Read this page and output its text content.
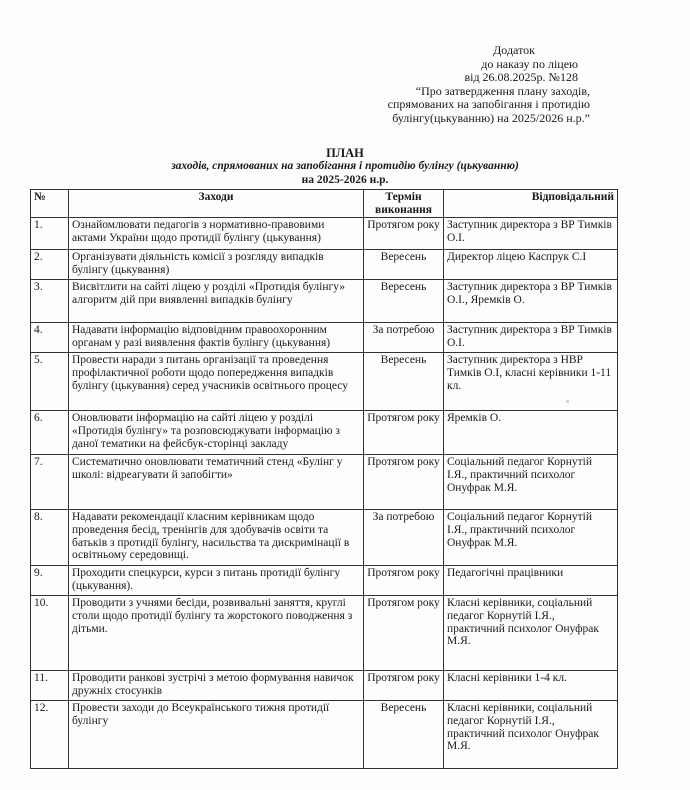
Додаток
до наказу по ліцею
від 26.08.2025р. №128
“Про затвердження плану заходів,
спрямованих на запобігання і протидію
булінгу(цькуванню) на 2025/2026 н.р.”
ПЛАН
заходів, спрямованих на запобігання і протидію булінгу (цькуванню)
на 2025-2026 н.р.
№	Заходи	Термін виконання	Відповідальний
1.	Ознайомлювати педагогів з нормативно-правовими актами України щодо протидії булінгу (цькування)	Протягом року	Заступник директора з ВР Тимків О.І.
2.	Організувати діяльність комісії з розгляду випадків булінгу (цькування)	Вересень	Директор ліцею Каспрук С.І
3.	Висвітлити на сайті ліцею у розділі «Протидія булінгу» алгоритм дій при виявленні випадків булінгу	Вересень	Заступник директора з ВР Тимків О.І., Яремків О.
4.	Надавати інформацію відповідним правоохоронним органам у разі виявлення фактів булінгу (цькування)	За потребою	Заступник директора з ВР Тимків О.І.
5.	Провести наради з питань організації та проведення профілактичної роботи щодо попередження випадків булінгу (цькування) серед учасників освітнього процесу	Вересень	Заступник директора з НВР Тимків О.І, класні керівники 1-11 кл.
6.	Оновлювати інформацію на сайті ліцею у розділі «Протидія булінгу» та розповсюджувати інформацію з даної тематики на фейсбук-сторінці закладу	Протягом року	Яремків О.
7.	Систематично оновлювати тематичний стенд «Булінг у школі: відреагувати й запобігти»	Протягом року	Соціальний педагог Корнутій І.Я., практичний психолог Онуфрак М.Я.
8.	Надавати рекомендації класним керівникам щодо проведення бесід, тренінгів для здобувачів освіти та батьків з протидії булінгу, насильства та дискримінації в освітньому середовищі.	За потребою	Соціальний педагог Корнутій І.Я., практичний психолог Онуфрак М.Я.
9.	Проходити спецкурси, курси з питань протидії булінгу (цькування).	Протягом року	Педагогічні працівники
10.	Проводити з учнями бесіди, розвивальні заняття, круглі столи щодо протидії булінгу та жорстокого поводження з дітьми.	Протягом року	Класні керівники, соціальний педагог Корнутій І.Я., практичний психолог Онуфрак М.Я.
11.	Проводити ранкові зустрічі з метою формування навичок дружніх стосунків	Протягом року	Класні керівники 1-4 кл.
12.	Провести заходи до Всеукраїнського тижня протидії булінгу	Вересень	Класні керівники, соціальний педагог Корнутій І.Я., практичний психолог Онуфрак М.Я.
